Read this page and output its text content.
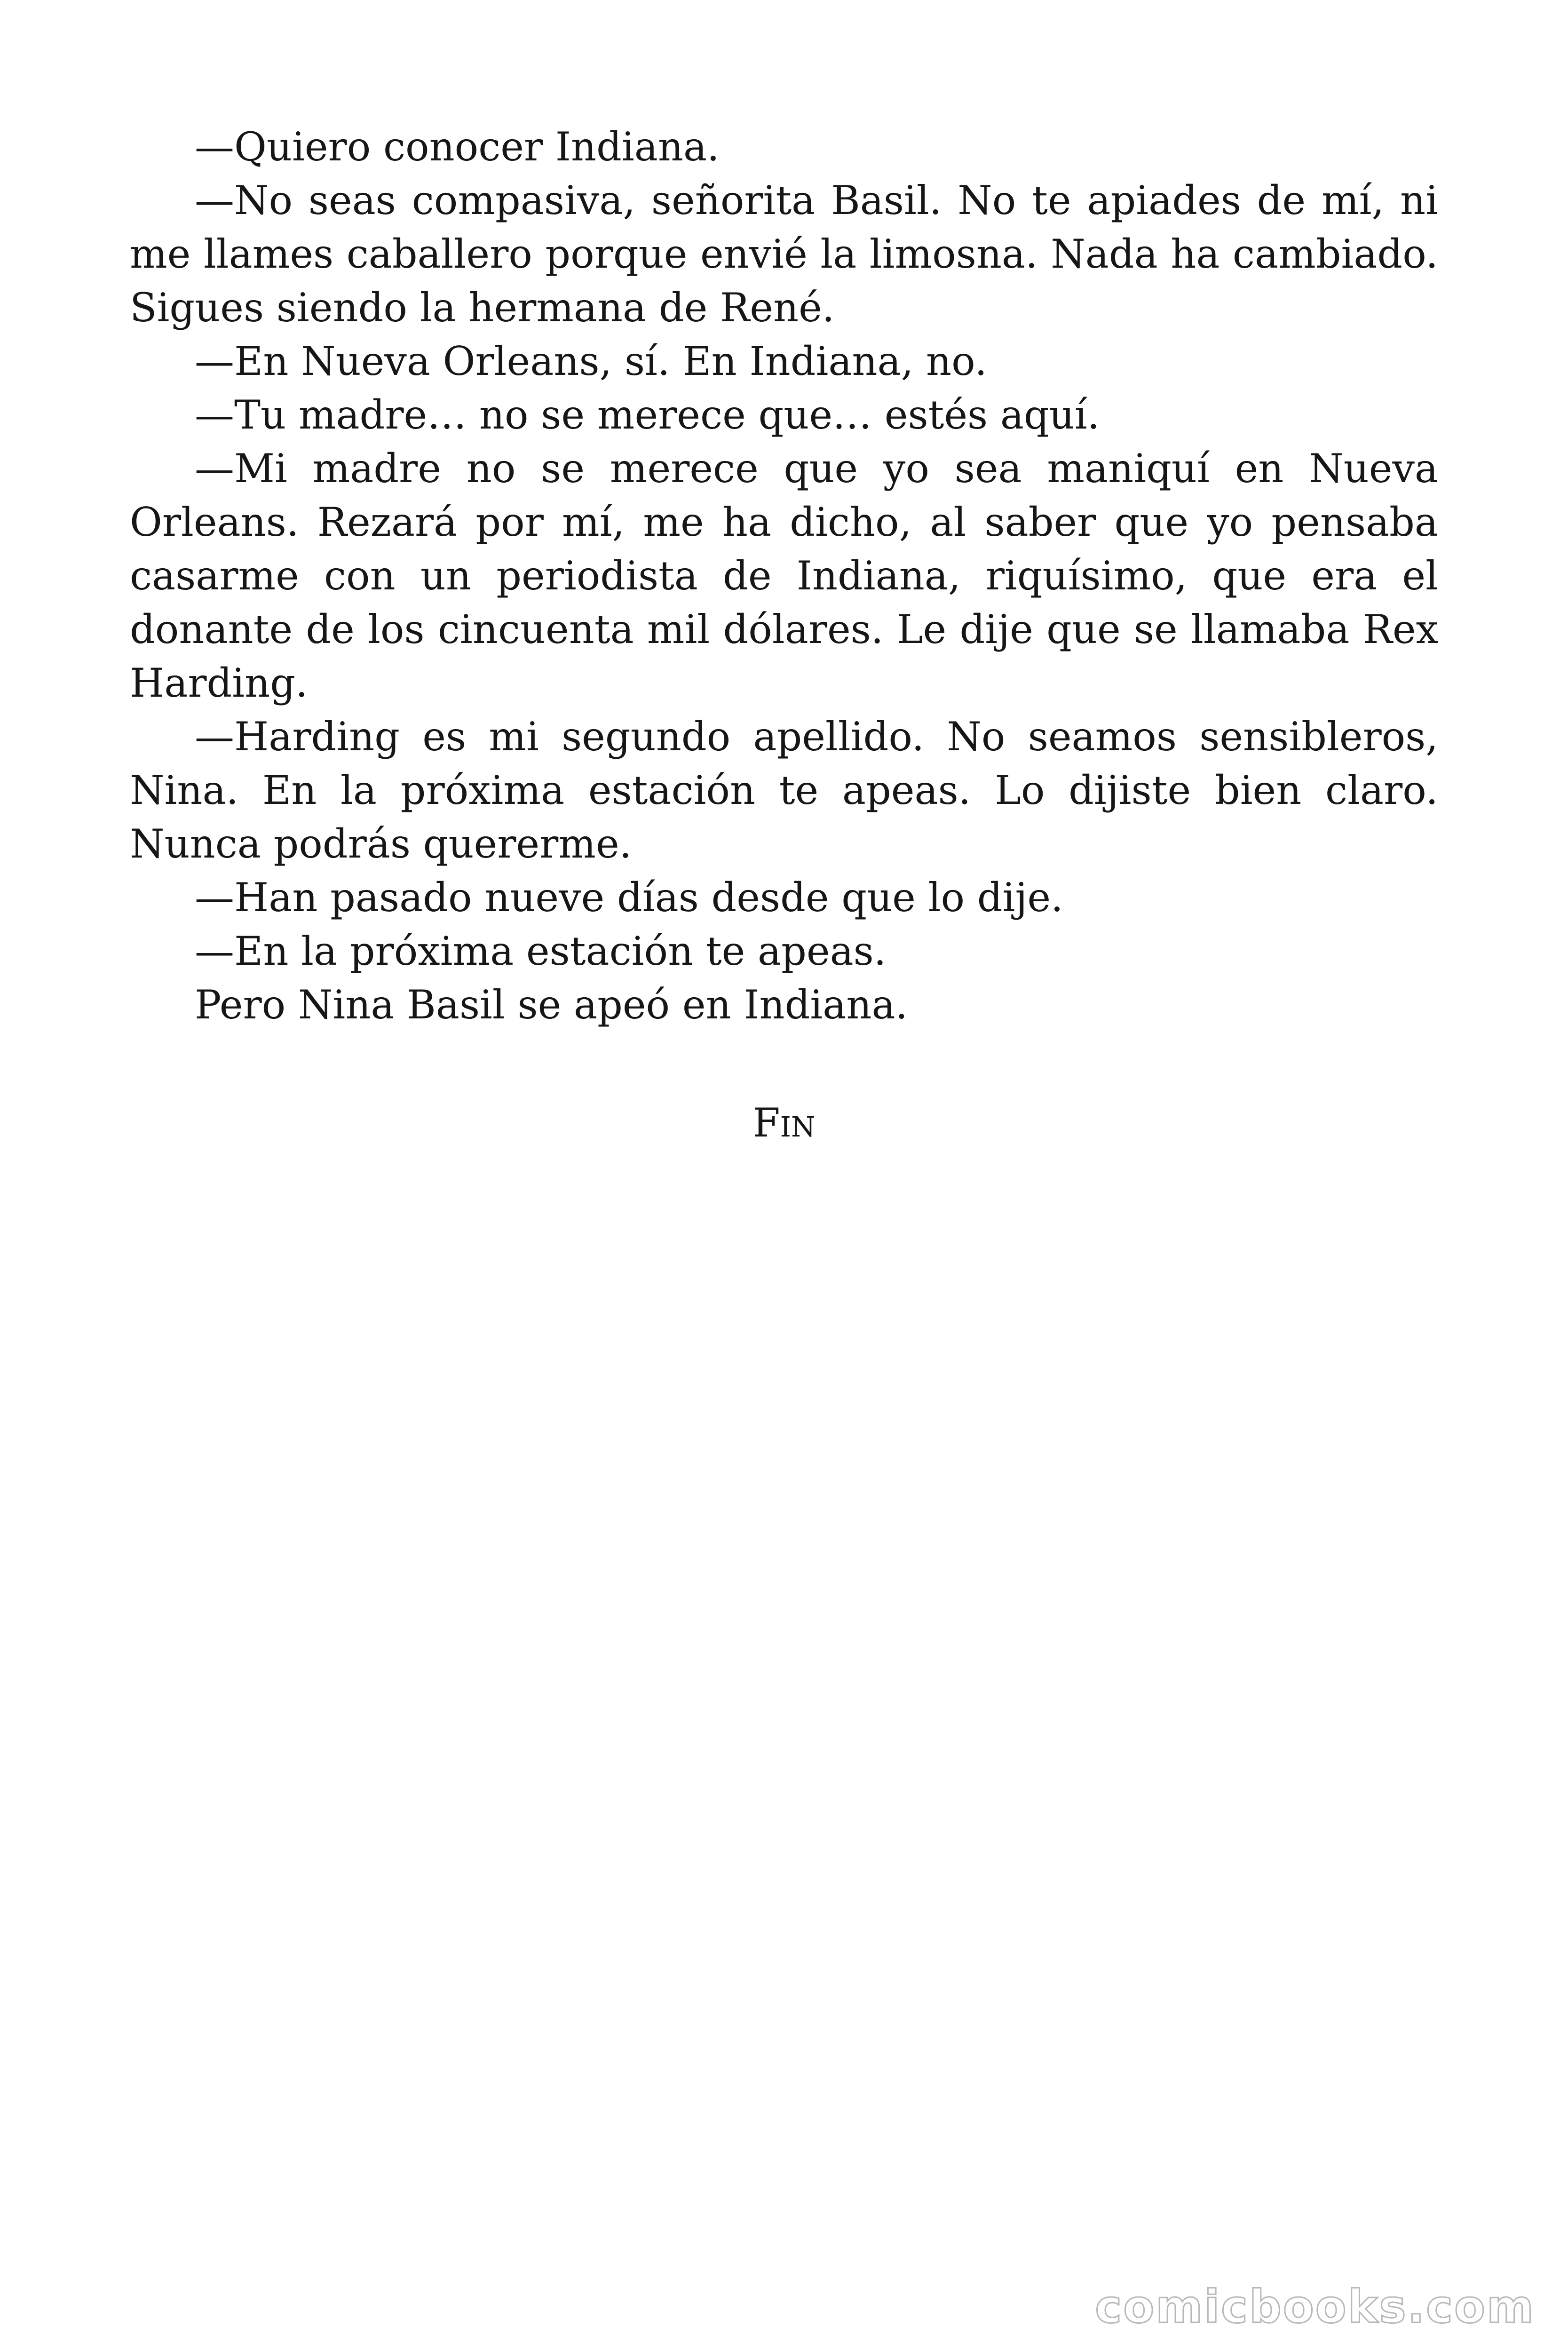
—Quiero conocer Indiana.

—No seas compasiva, señorita Basil. No te apiades de mí, ni me llames caballero porque envié la limosna. Nada ha cambiado. Sigues siendo la hermana de René.

—En Nueva Orleans, sí. En Indiana, no.

—Tu madre… no se merece que… estés aquí.

—Mi madre no se merece que yo sea maniquí en Nueva Orleans. Rezará por mí, me ha dicho, al saber que yo pensaba casarme con un periodista de Indiana, riquísimo, que era el donante de los cincuenta mil dólares. Le dije que se llamaba Rex Harding.

—Harding es mi segundo apellido. No seamos sensibleros, Nina. En la próxima estación te apeas. Lo dijiste bien claro. Nunca podrás quererme.

—Han pasado nueve días desde que lo dije.

—En la próxima estación te apeas.

Pero Nina Basil se apeó en Indiana.

Fin
comicbooks.com
